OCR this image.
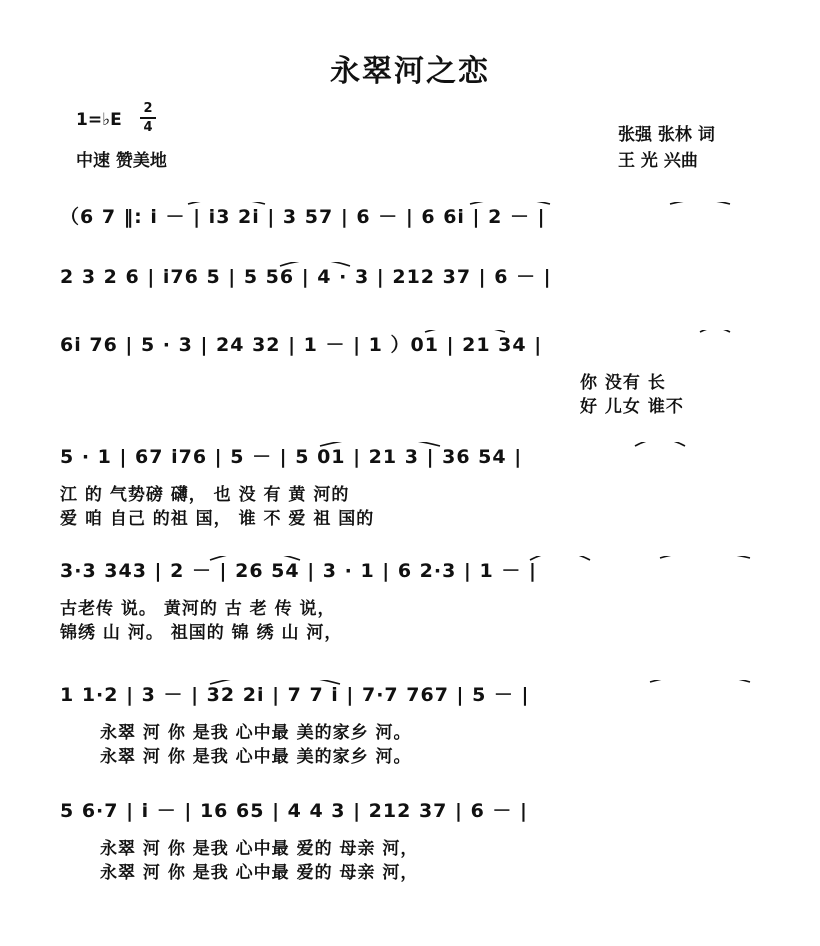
永翠河之恋
1=♭E
2
4
中速 赞美地
张强 张林 词
王 光 兴曲
（6 7 ‖: i － | i3 2i | 3 57 | 6 － | 6 6i | 2 － |
2 3 2 6 | i76 5 | 5 56 | 4 · 3 | 212 37 | 6 － |
6i 76 | 5 · 3 | 24 32 | 1 － | 1 ）01 | 21 34 |
你 没有 长
好 儿女 谁不
5 · 1 | 67 i76 | 5 － | 5 01 | 21 3 | 36 54 |
江 的 气势磅 礴， 也 没 有 黄 河的
爱 咱 自己 的祖 国， 谁 不 爱 祖 国的
3·3 343 | 2 － | 26 54 | 3 · 1 | 6 2·3 | 1 － |
古老传 说。 黄河的 古 老 传 说，
锦绣 山 河。 祖国的 锦 绣 山 河，
1 1·2 | 3 － | 32 2i | 7 7 i | 7·7 767 | 5 － |
永翠 河 你 是我 心中最 美的家乡 河。
永翠 河 你 是我 心中最 美的家乡 河。
5 6·7 | i － | 16 65 | 4 4 3 | 212 37 | 6 － |
永翠 河 你 是我 心中最 爱的 母亲 河，
永翠 河 你 是我 心中最 爱的 母亲 河，
